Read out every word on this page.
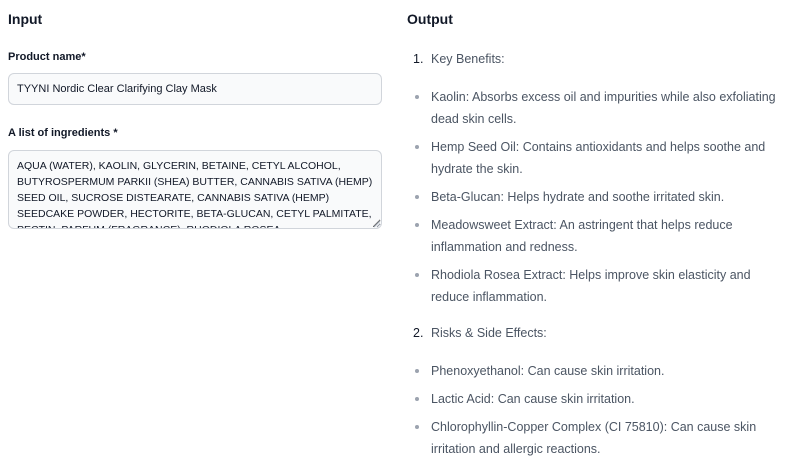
Input
Product name*
TYYNI Nordic Clear Clarifying Clay Mask
A list of ingredients *
AQUA (WATER), KAOLIN, GLYCERIN, BETAINE, CETYL ALCOHOL, BUTYROSPERMUM PARKII (SHEA) BUTTER, CANNABIS SATIVA (HEMP) SEED OIL, SUCROSE DISTEARATE, CANNABIS SATIVA (HEMP) SEEDCAKE POWDER, HECTORITE, BETA-GLUCAN, CETYL PALMITATE, PECTIN, PARFUM (FRAGRANCE), RHODIOLA ROSEA
Output
1. Key Benefits:
Kaolin: Absorbs excess oil and impurities while also exfoliating dead skin cells.
Hemp Seed Oil: Contains antioxidants and helps soothe and hydrate the skin.
Beta-Glucan: Helps hydrate and soothe irritated skin.
Meadowsweet Extract: An astringent that helps reduce inflammation and redness.
Rhodiola Rosea Extract: Helps improve skin elasticity and reduce inflammation.
2. Risks & Side Effects:
Phenoxyethanol: Can cause skin irritation.
Lactic Acid: Can cause skin irritation.
Chlorophyllin-Copper Complex (CI 75810): Can cause skin irritation and allergic reactions.
